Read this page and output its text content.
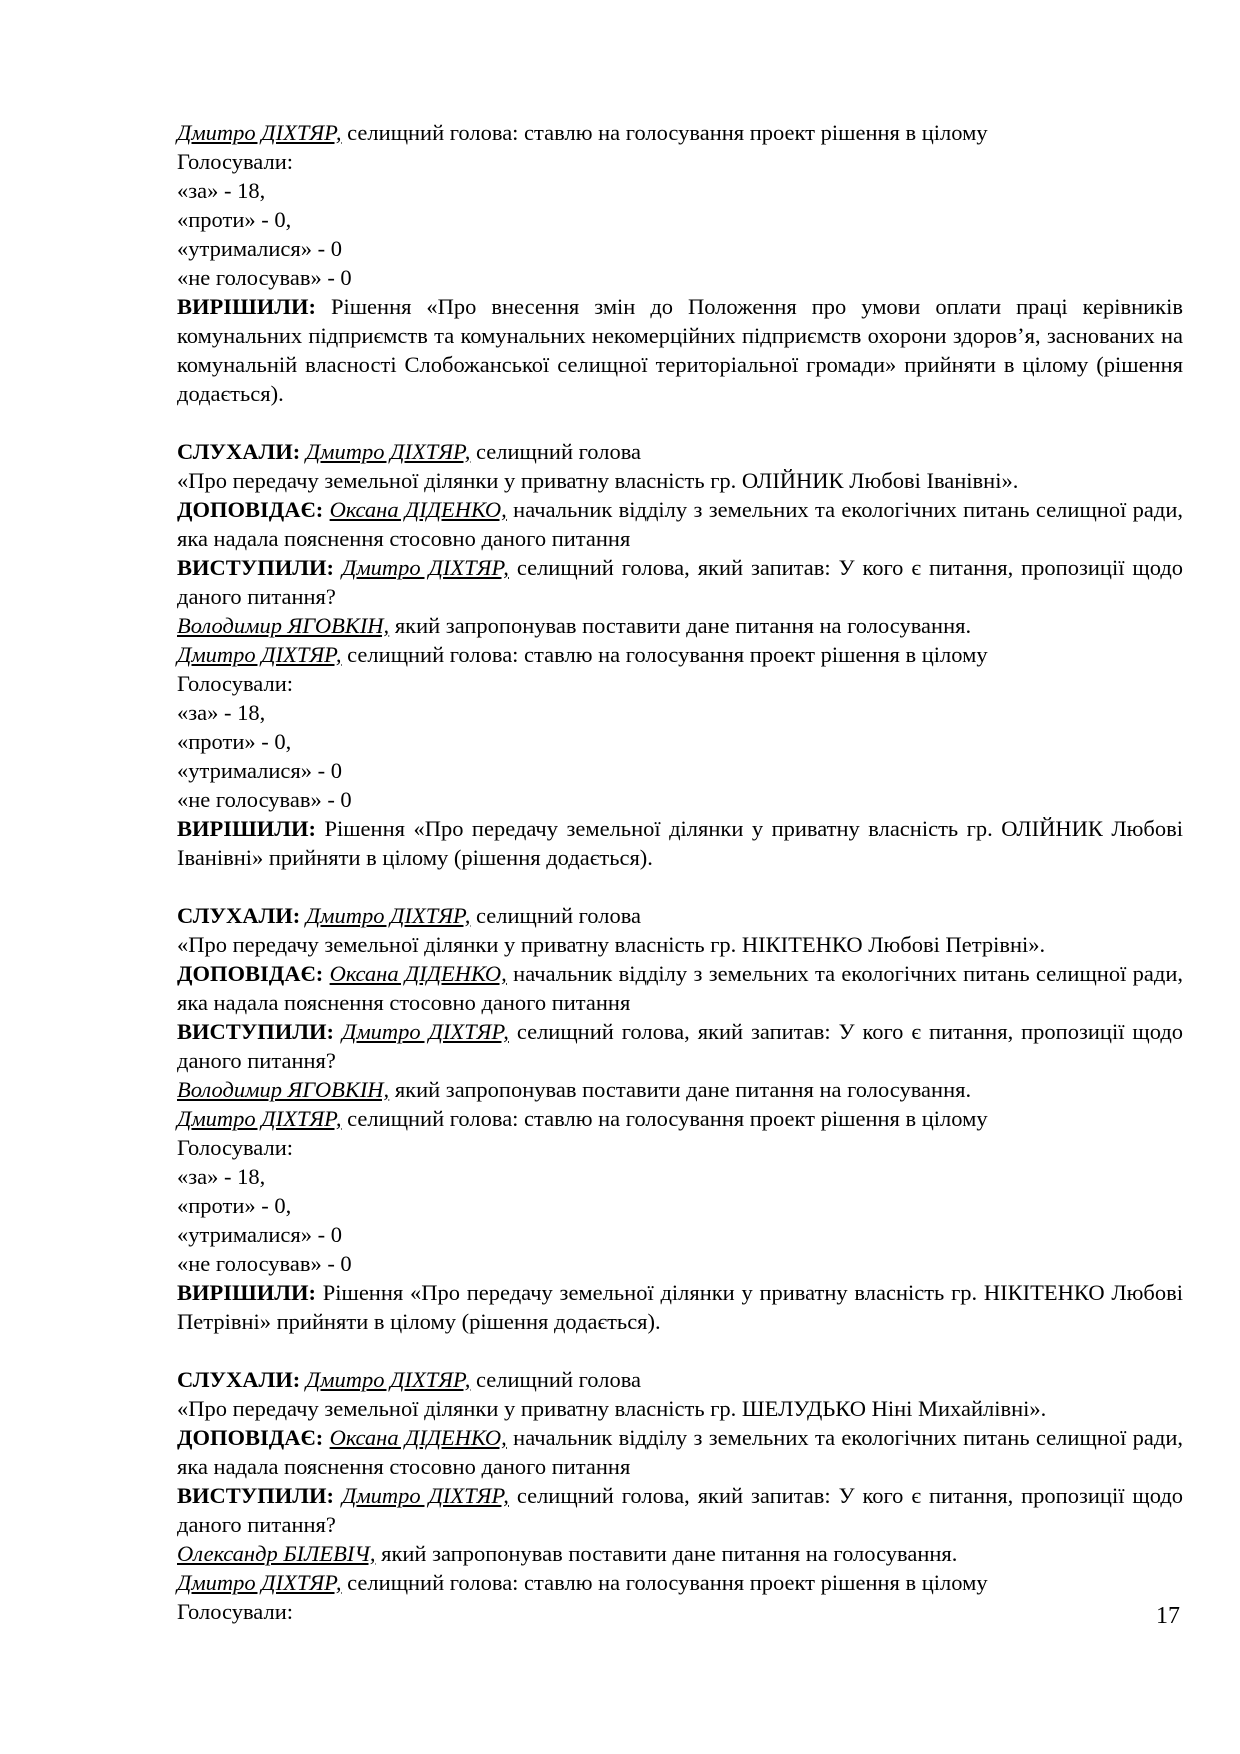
Дмитро ДІХТЯР, селищний голова: ставлю на голосування проект рішення в цілому

Голосували:

«за» - 18,

«проти» - 0,

«утрималися» - 0

«не голосував» - 0

ВИРІШИЛИ: Рішення «Про внесення змін до Положення про умови оплати праці керівників комунальних підприємств та комунальних некомерційних підприємств охорони здоров’я, заснованих на комунальній власності Слобожанської селищної територіальної громади» прийняти в цілому (рішення додається).

СЛУХАЛИ: Дмитро ДІХТЯР, селищний голова

«Про передачу земельної ділянки у приватну власність гр. ОЛІЙНИК Любові Іванівні».

ДОПОВІДАЄ: Оксана ДІДЕНКО, начальник відділу з земельних та екологічних питань селищної ради, яка надала пояснення стосовно даного питання

ВИСТУПИЛИ: Дмитро ДІХТЯР, селищний голова, який запитав: У кого є питання, пропозиції щодо даного питання?

Володимир ЯГОВКІН, який запропонував поставити дане питання на голосування.

Дмитро ДІХТЯР, селищний голова: ставлю на голосування проект рішення в цілому

Голосували:

«за» - 18,

«проти» - 0,

«утрималися» - 0

«не голосував» - 0

ВИРІШИЛИ: Рішення «Про передачу земельної ділянки у приватну власність гр. ОЛІЙНИК Любові Іванівні» прийняти в цілому (рішення додається).

СЛУХАЛИ: Дмитро ДІХТЯР, селищний голова

«Про передачу земельної ділянки у приватну власність гр. НІКІТЕНКО Любові Петрівні».

ДОПОВІДАЄ: Оксана ДІДЕНКО, начальник відділу з земельних та екологічних питань селищної ради, яка надала пояснення стосовно даного питання

ВИСТУПИЛИ: Дмитро ДІХТЯР, селищний голова, який запитав: У кого є питання, пропозиції щодо даного питання?

Володимир ЯГОВКІН, який запропонував поставити дане питання на голосування.

Дмитро ДІХТЯР, селищний голова: ставлю на голосування проект рішення в цілому

Голосували:

«за» - 18,

«проти» - 0,

«утрималися» - 0

«не голосував» - 0

ВИРІШИЛИ: Рішення «Про передачу земельної ділянки у приватну власність гр. НІКІТЕНКО Любові Петрівні» прийняти в цілому (рішення додається).

СЛУХАЛИ: Дмитро ДІХТЯР, селищний голова

«Про передачу земельної ділянки у приватну власність гр. ШЕЛУДЬКО Ніні Михайлівні».

ДОПОВІДАЄ: Оксана ДІДЕНКО, начальник відділу з земельних та екологічних питань селищної ради, яка надала пояснення стосовно даного питання

ВИСТУПИЛИ: Дмитро ДІХТЯР, селищний голова, який запитав: У кого є питання, пропозиції щодо даного питання?

Олександр БІЛЕВІЧ, який запропонував поставити дане питання на голосування.

Дмитро ДІХТЯР, селищний голова: ставлю на голосування проект рішення в цілому

Голосували:	17
